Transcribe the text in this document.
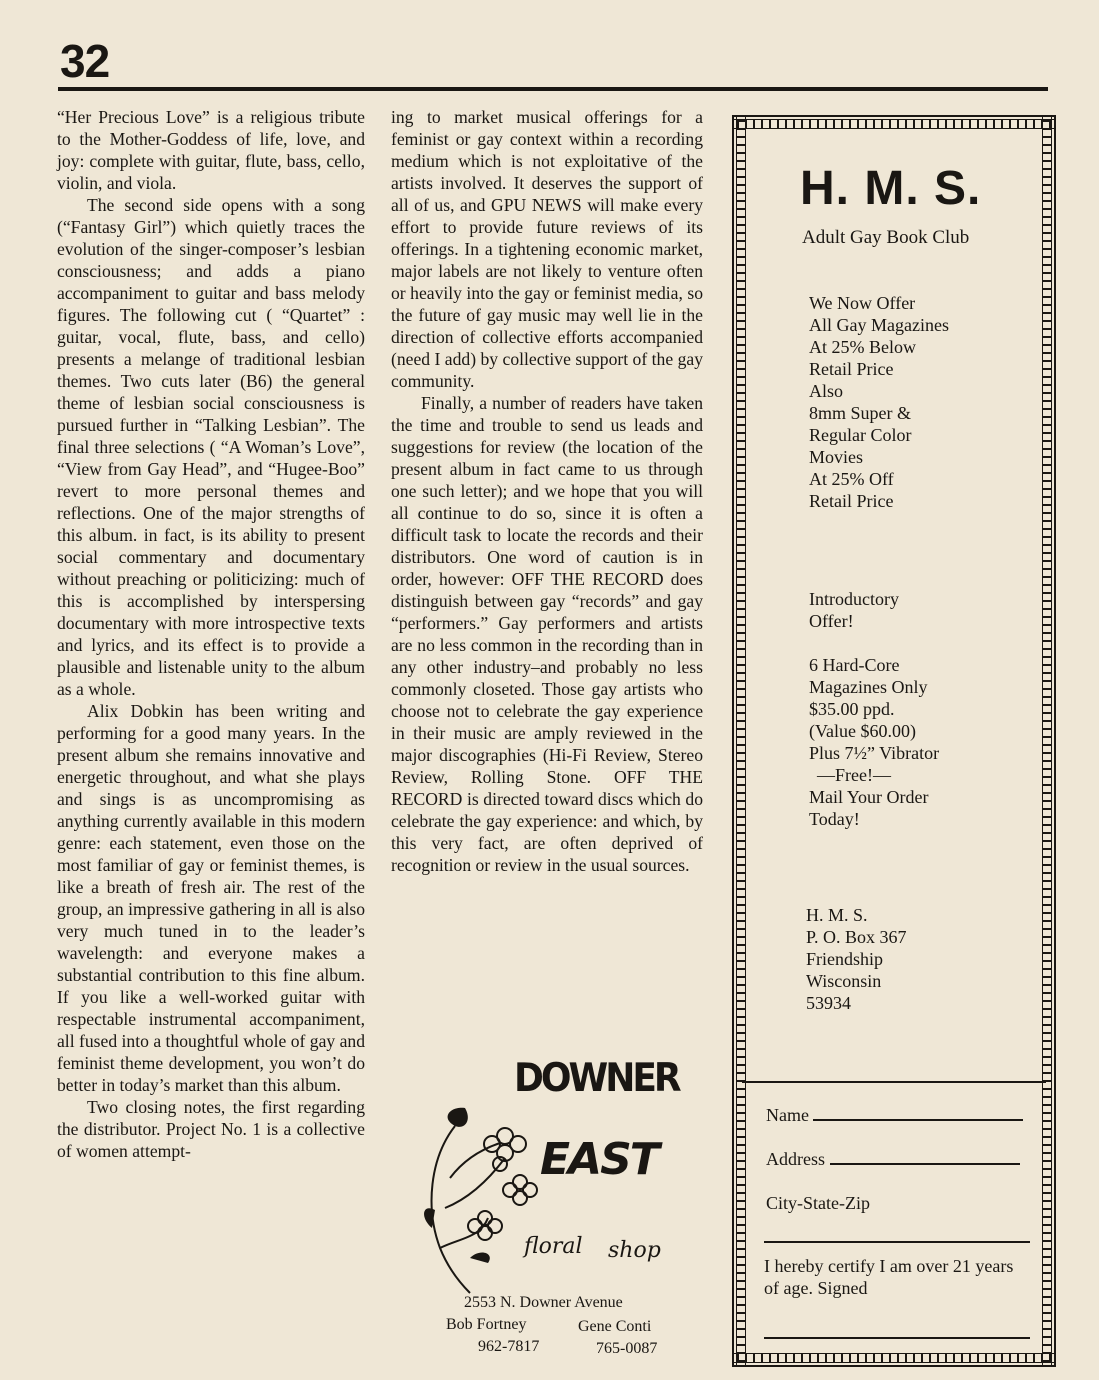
32

“Her Precious Love” is a religious tribute to the Mother-Goddess of life, love, and joy: complete with guitar, flute, bass, cello, violin, and viola.

The second side opens with a song (“Fantasy Girl”) which quietly traces the evolution of the singer-composer’s lesbian consciousness; and adds a piano accompaniment to guitar and bass melody figures. The following cut ( “Quartet” : guitar, vocal, flute, bass, and cello) presents a melange of traditional lesbian themes. Two cuts later (B6) the general theme of lesbian social consciousness is pursued further in “Talking Lesbian”. The final three selections ( “A Woman’s Love”, “View from Gay Head”, and “Hugee-Boo” revert to more personal themes and reflections. One of the major strengths of this album. in fact, is its ability to present social commentary and documentary without preaching or politicizing: much of this is accomplished by interspersing documentary with more introspective texts and lyrics, and its effect is to provide a plausible and listenable unity to the album as a whole.

Alix Dobkin has been writing and performing for a good many years. In the present album she remains innovative and energetic throughout, and what she plays and sings is as uncompromising as anything currently available in this modern genre: each statement, even those on the most familiar of gay or feminist themes, is like a breath of fresh air. The rest of the group, an impressive gathering in all is also very much tuned in to the leader’s wavelength: and everyone makes a substantial contribution to this fine album. If you like a well-worked guitar with respectable instrumental accompaniment, all fused into a thoughtful whole of gay and feminist theme development, you won’t do better in today’s market than this album.

Two closing notes, the first regarding the distributor. Project No. 1 is a collective of women attempt-

ing to market musical offerings for a feminist or gay context within a recording medium which is not exploitative of the artists involved. It deserves the support of all of us, and GPU NEWS will make every effort to provide future reviews of its offerings. In a tightening economic market, major labels are not likely to venture often or heavily into the gay or feminist media, so the future of gay music may well lie in the direction of collective efforts accompanied (need I add) by collective support of the gay community.

Finally, a number of readers have taken the time and trouble to send us leads and suggestions for review (the location of the present album in fact came to us through one such letter); and we hope that you will all continue to do so, since it is often a difficult task to locate the records and their distributors. One word of caution is in order, however: OFF THE RECORD does distinguish between gay “records” and gay “performers.” Gay performers and artists are no less common in the recording than in any other industry–and probably no less commonly closeted. Those gay artists who choose not to celebrate the gay experience in their music are amply reviewed in the major discographies (Hi-Fi Review, Stereo Review, Rolling Stone. OFF THE RECORD is directed toward discs which do celebrate the gay experience: and which, by this very fact, are often deprived of recognition or review in the usual sources.

H. M. S.
Adult Gay Book Club
We Now Offer
All Gay Magazines
At 25% Below
Retail Price
Also
8mm Super &
Regular Color
Movies
At 25% Off
Retail Price
Introductory
Offer!
6 Hard-Core
Magazines Only
$35.00 ppd.
(Value $60.00)
Plus 7½” Vibrator
—Free!—
Mail Your Order
Today!
H. M. S.
P. O. Box 367
Friendship
Wisconsin
53934
Name
Address
City-State-Zip
I hereby certify I am over 21 years of age. Signed
DOWNER
EAST
floral shop
2553 N. Downer Avenue
Bob Fortney	Gene Conti
962-7817	765-0087
